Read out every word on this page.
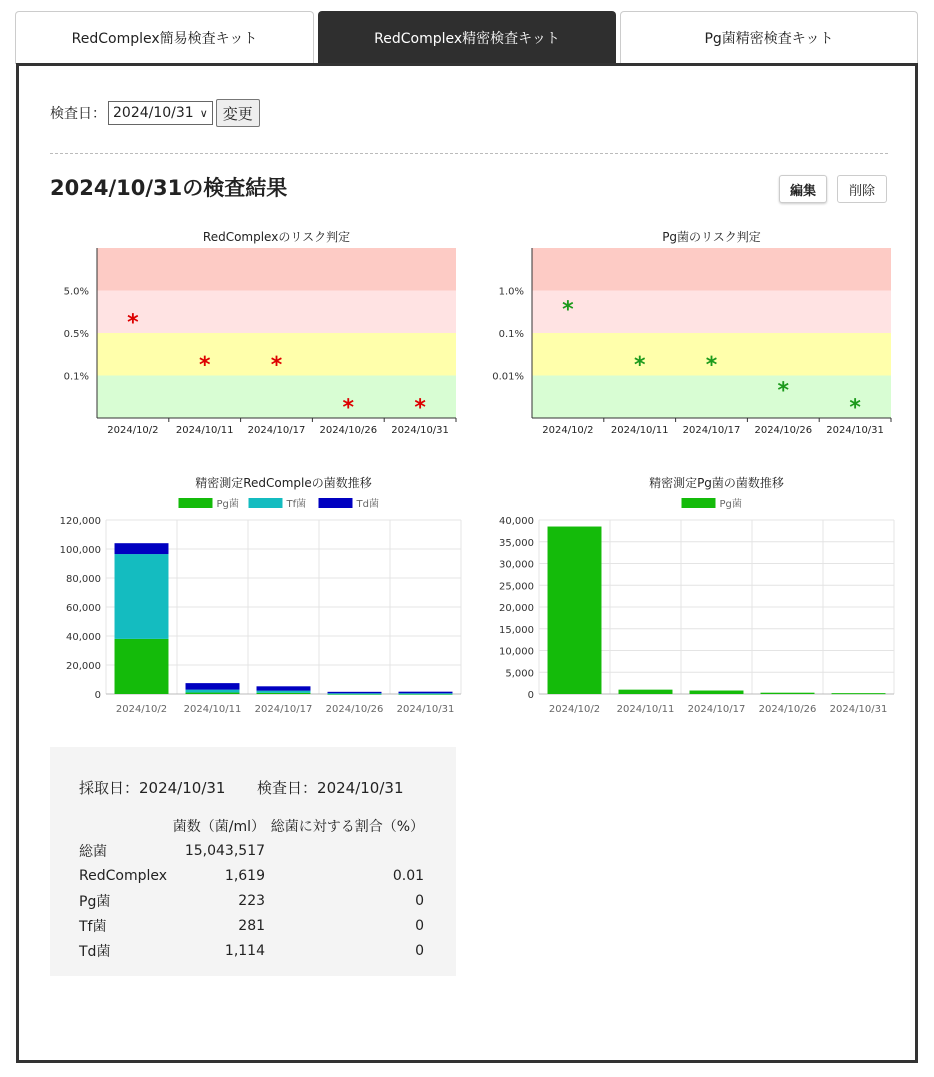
RedComplex簡易検査キット	RedComplex精密検査キット	Pg菌精密検査キット
検査日： 2024/10/31 ∨	変更
2024/10/31の検査結果	編集	削除
RedComplexのリスク判定
5.0%
0.5%
0.1%
2024/10/2
*
2024/10/11
*
2024/10/17
*
2024/10/26
*
2024/10/31
*
Pg菌のリスク判定
1.0%
0.1%
0.01%
2024/10/2
*
2024/10/11
*
2024/10/17
*
2024/10/26
*
2024/10/31
*
精密測定RedCompleの菌数推移
Pg菌	Tf菌	Td菌
120,000
100,000
80,000
60,000
40,000
20,000
0
2024/10/2 2024/10/11 2024/10/17 2024/10/26 2024/10/31
精密測定Pg菌の菌数推移
Pg菌
40,000
35,000
30,000
25,000
20,000
15,000
10,000
5,000
0
2024/10/2 2024/10/11 2024/10/17 2024/10/26 2024/10/31
採取日：2024/10/31 検査日：2024/10/31
	菌数（菌/ml）	総菌に対する割合（%）
総菌	15,043,517	
RedComplex	1,619	0.01
Pg菌	223	0
Tf菌	281	0
Td菌	1,114	0
